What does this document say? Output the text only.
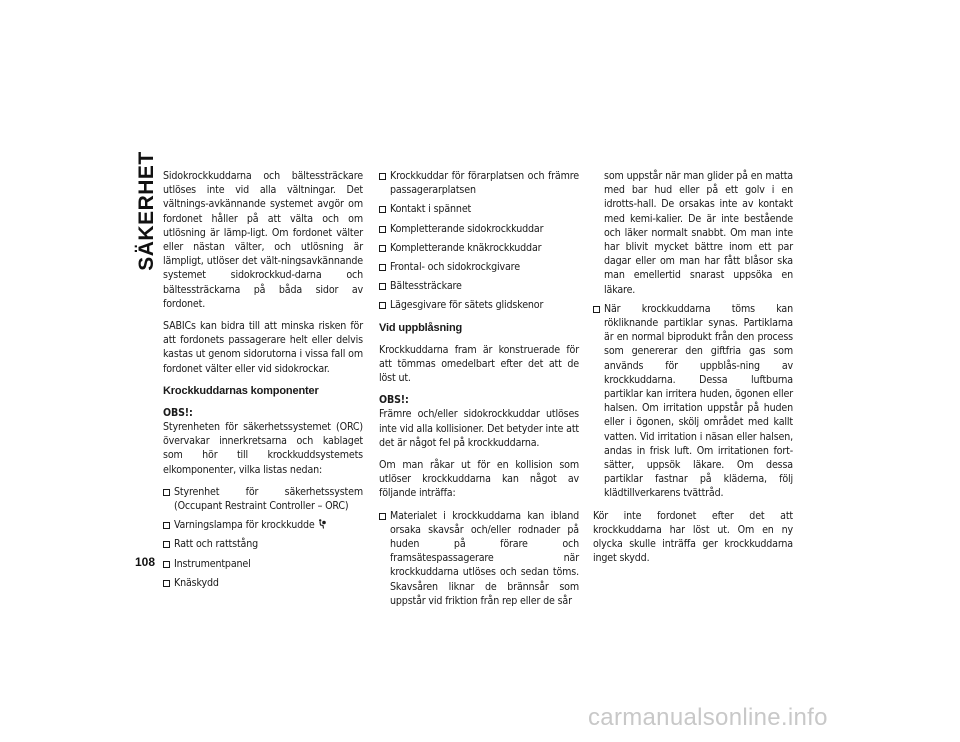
SÄKERHET
108

Sidokrockkuddarna och bältessträckare utlöses inte vid alla vältningar. Det vältnings-avkännande systemet avgör om fordonet håller på att välta och om utlösning är lämp-ligt. Om fordonet välter eller nästan välter, och utlösning är lämpligt, utlöser det vält-ningsavkännande systemet sidokrockkud-darna och bältessträckarna på båda sidor av fordonet.

SABICs kan bidra till att minska risken för att fordonets passagerare helt eller delvis kastas ut genom sidorutorna i vissa fall om fordonet välter eller vid sidokrockar.

Krockkuddarnas komponenter

OBS!:
Styrenheten för säkerhetssystemet (ORC) övervakar innerkretsarna och kablaget som hör till krockkuddsystemets elkomponenter, vilka listas nedan:

Styrenhet för säkerhetssystem (Occupant Restraint Controller – ORC)
Varningslampa för krockkudde
Ratt och rattstång
Instrumentpanel
Knäskydd
Krockkuddar för förarplatsen och främre passagerarplatsen
Kontakt i spännet
Kompletterande sidokrockkuddar
Kompletterande knäkrockkuddar
Frontal- och sidokrockgivare
Bältessträckare
Lägesgivare för sätets glidskenor
Vid uppblåsning

Krockkuddarna fram är konstruerade för att tömmas omedelbart efter det att de löst ut.

OBS!:
Främre och/eller sidokrockkuddar utlöses inte vid alla kollisioner. Det betyder inte att det är något fel på krockkuddarna.

Om man råkar ut för en kollision som utlöser krockkuddarna kan något av följande inträffa:

Materialet i krockkuddarna kan ibland orsaka skavsår och/eller rodnader på huden på förare och framsätespassagerare när krockkuddarna utlöses och sedan töms. Skavsåren liknar de brännsår som uppstår vid friktion från rep eller de sår
som uppstår när man glider på en matta med bar hud eller på ett golv i en idrotts-hall. De orsakas inte av kontakt med kemi-kalier. De är inte bestående och läker normalt snabbt. Om man inte har blivit mycket bättre inom ett par dagar eller om man har fått blåsor ska man emellertid snarast uppsöka en läkare.
När krockkuddarna töms kan rökliknande partiklar synas. Partiklarna är en normal biprodukt från den process som genererar den giftfria gas som används för uppblås-ning av krockkuddarna. Dessa luftburna partiklar kan irritera huden, ögonen eller halsen. Om irritation uppstår på huden eller i ögonen, skölj området med kallt vatten. Vid irritation i näsan eller halsen, andas in frisk luft. Om irritationen fort-sätter, uppsök läkare. Om dessa partiklar fastnar på kläderna, följ klädtillverkarens tvättråd.

Kör inte fordonet efter det att krockkuddarna har löst ut. Om en ny olycka skulle inträffa ger krockkuddarna inget skydd.

carmanualsonline.info
